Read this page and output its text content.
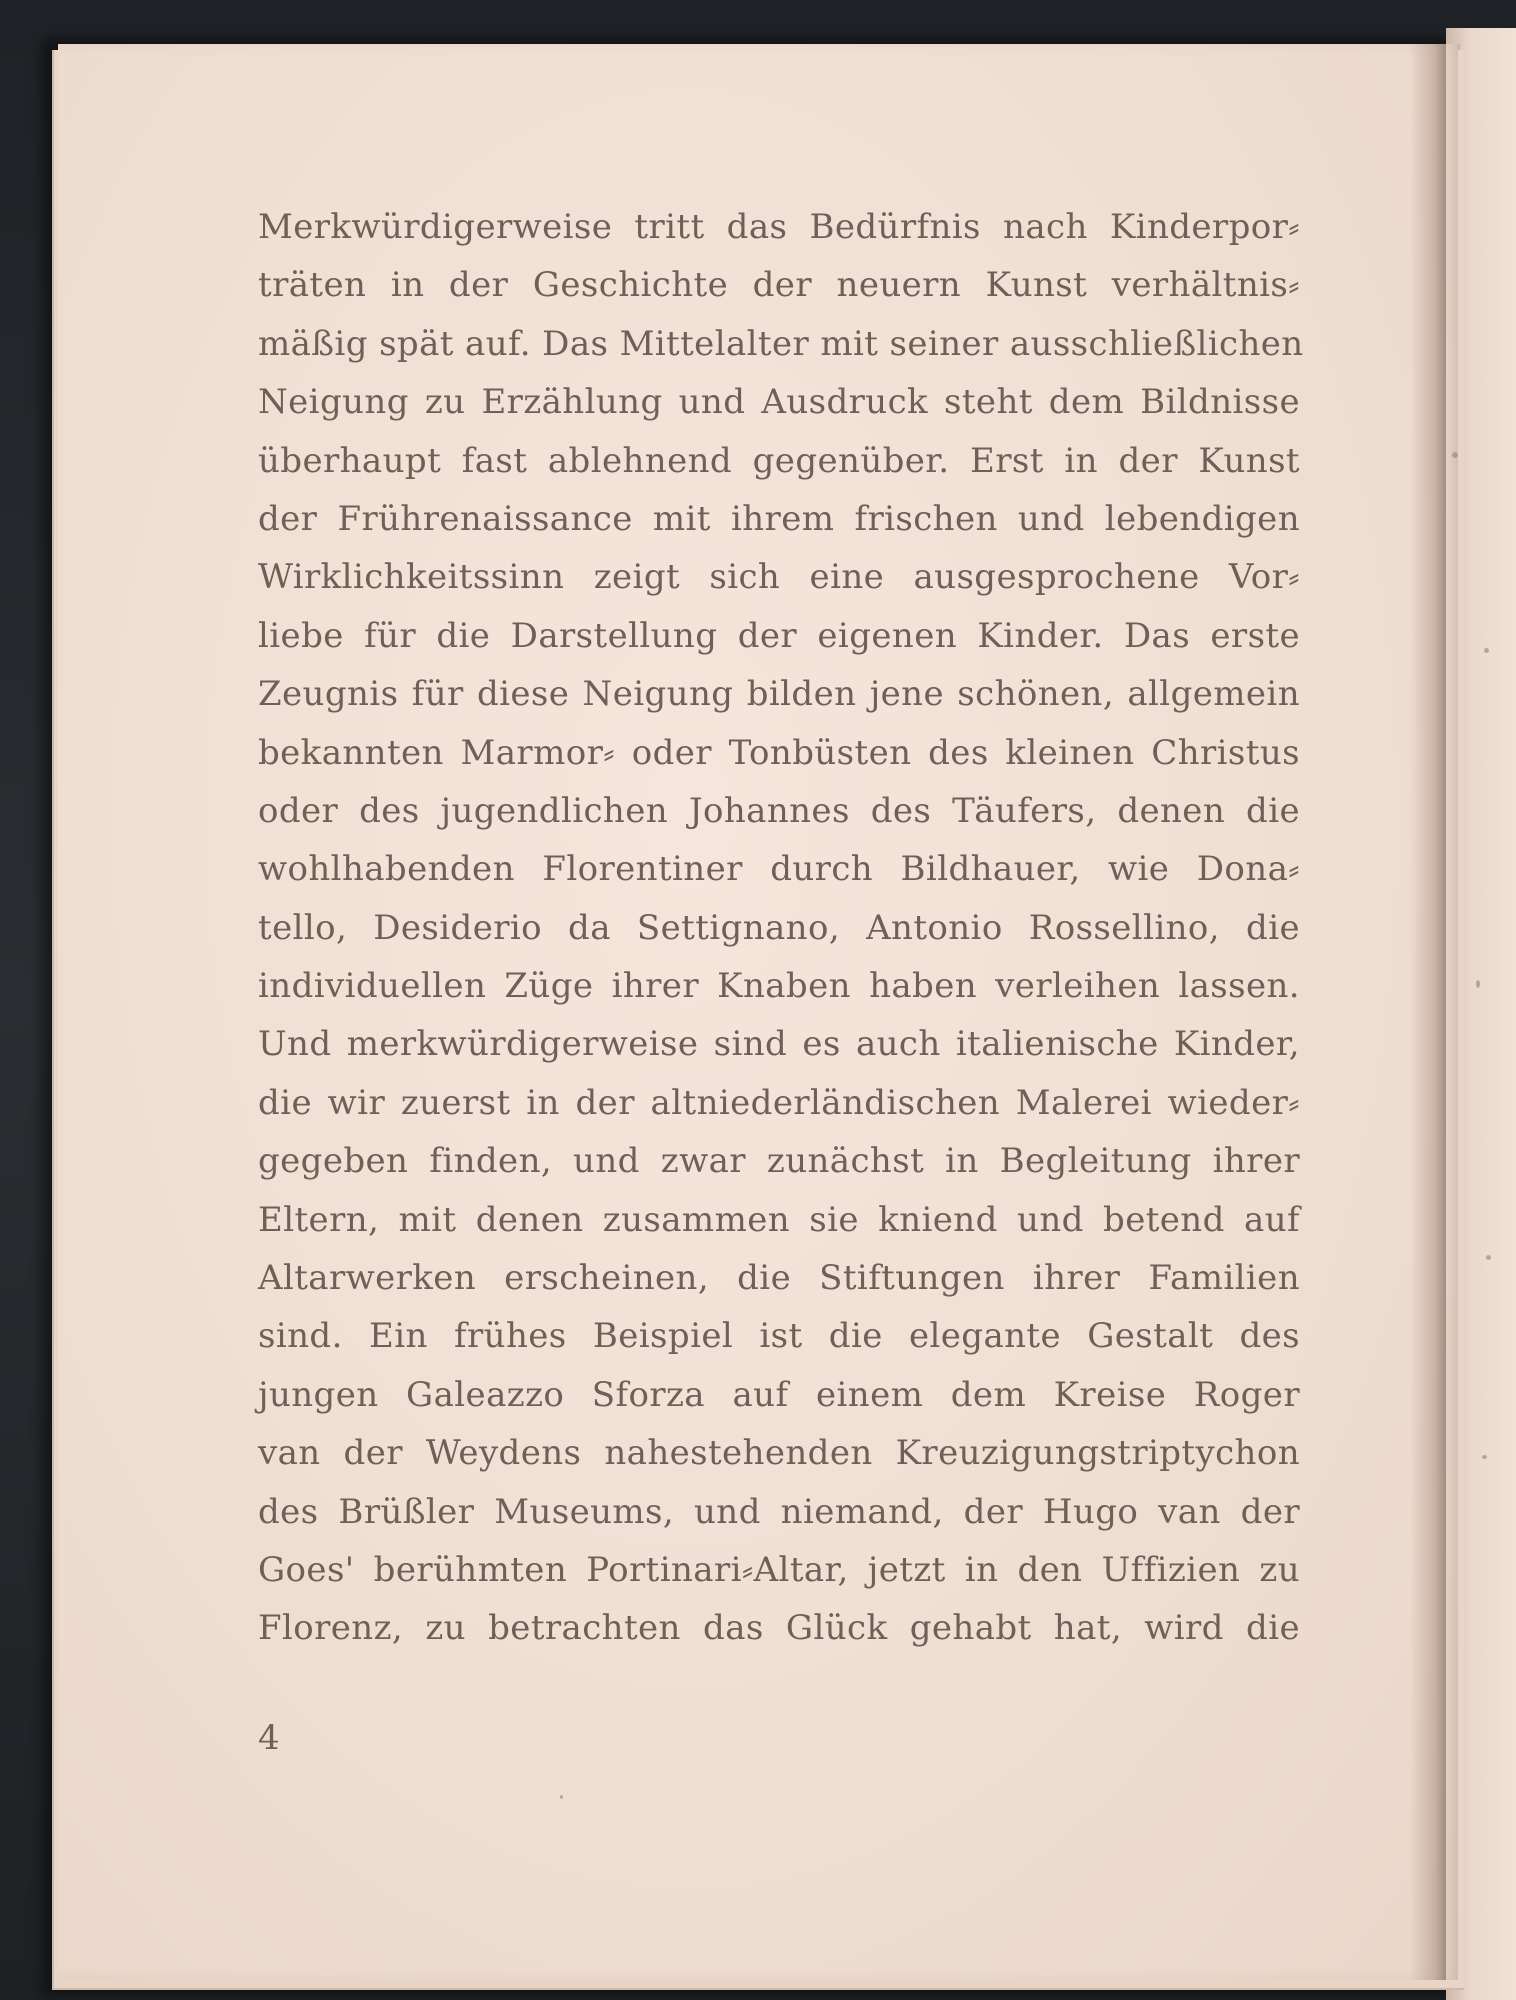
Merkwürdigerweise tritt das Bedürfnis nach Kinderpor⸗
träten in der Geschichte der neuern Kunst verhältnis⸗
mäßig spät auf. Das Mittelalter mit seiner ausschließlichen
Neigung zu Erzählung und Ausdruck steht dem Bildnisse
überhaupt fast ablehnend gegenüber. Erst in der Kunst
der Frührenaissance mit ihrem frischen und lebendigen
Wirklichkeitssinn zeigt sich eine ausgesprochene Vor⸗
liebe für die Darstellung der eigenen Kinder. Das erste
Zeugnis für diese Neigung bilden jene schönen, allgemein
bekannten Marmor⸗ oder Tonbüsten des kleinen Christus
oder des jugendlichen Johannes des Täufers, denen die
wohlhabenden Florentiner durch Bildhauer, wie Dona⸗
tello, Desiderio da Settignano, Antonio Rossellino, die
individuellen Züge ihrer Knaben haben verleihen lassen.
Und merkwürdigerweise sind es auch italienische Kinder,
die wir zuerst in der altniederländischen Malerei wieder⸗
gegeben finden, und zwar zunächst in Begleitung ihrer
Eltern, mit denen zusammen sie kniend und betend auf
Altarwerken erscheinen, die Stiftungen ihrer Familien
sind. Ein frühes Beispiel ist die elegante Gestalt des
jungen Galeazzo Sforza auf einem dem Kreise Roger
van der Weydens nahestehenden Kreuzigungstriptychon
des Brüßler Museums, und niemand, der Hugo van der
Goes' berühmten Portinari⸗Altar, jetzt in den Uffizien zu
Florenz, zu betrachten das Glück gehabt hat, wird die
4
